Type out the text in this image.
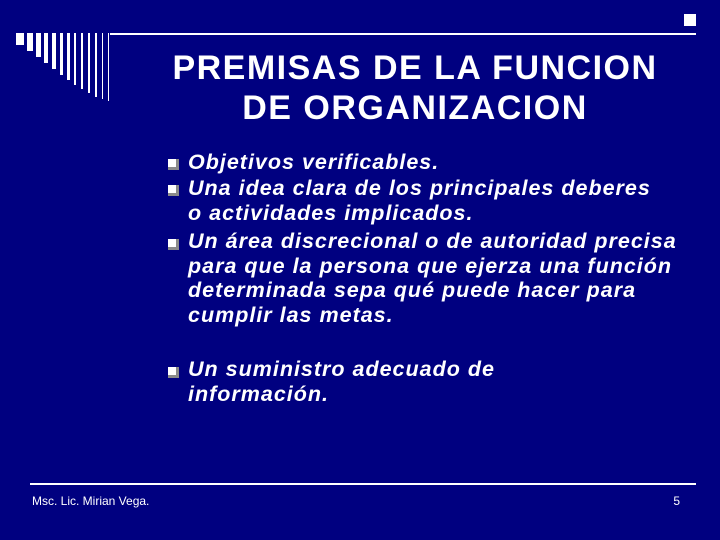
PREMISAS DE LA FUNCION
DE ORGANIZACION
Objetivos verificables.
Una idea clara de los principales deberes o actividades implicados.
Un área discrecional o de autoridad precisa para que la persona que ejerza una función determinada sepa qué puede hacer para cumplir las metas.
Un suministro adecuado de información.
Msc. Lic. Mirian Vega.	5
